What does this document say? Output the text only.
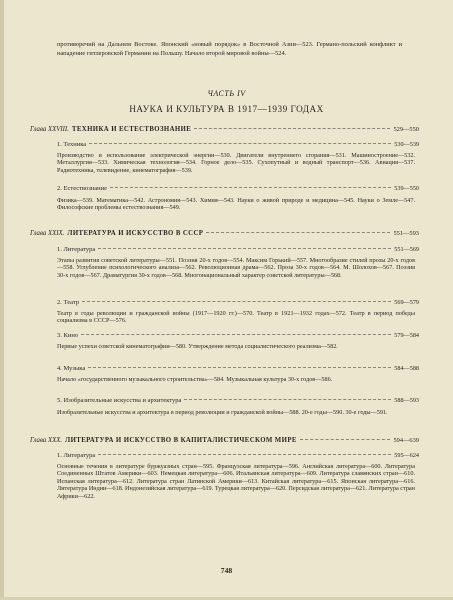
противоречий на Дальнем Востоке. Японский «новый порядок» в Восточной Азии—523. Германо-польский конфликт и нападение гитлеровской Германии на Польшу. Начало второй мировой войны—524.
ЧАСТЬ IV
НАУКА И КУЛЬТУРА В 1917—1939 ГОДАХ
Глава XXVIII. ТЕХНИКА И ЕСТЕСТВОЗНАНИЕ	529—550
1. Техника	530—539
Производство и использование электрической энергии—530. Двигатели внутреннего сгорания—531. Машиностроение—532. Металлургия—533. Химическая технология—534. Горное дело—535. Сухопутный и водный транспорт—536. Авиация—537. Радиотехника, телевидение, кинематография—539.
2. Естествознание	539—550
Физика—539. Математика—542. Астрономия—543. Химия—543. Науки о живой природе и медицина—545. Науки о Земле—547. Философские проблемы естествознания—549.
Глава XXIX. ЛИТЕРАТУРА И ИСКУССТВО В СССР	551—593
1. Литература	551—569
Этапы развития советской литературы—551. Поэзия 20-х годов—554. Максим Горький—557. Многообразие стилей прозы 20-х годов—558. Углубление психологического анализа—562. Революционная драма—562. Проза 30-х годов—564. М. Шолохов—567. Поэзия 30-х годов—567. Драматургия 30-х годов—568. Многонациональный характер советской литературы—568.
2. Театр	569—579
Театр в годы революции и гражданской войны (1917—1920 гг.)—570. Театр в 1921—1932 годах—572. Театр в период победы социализма в СССР—576.
3. Кино	579—584
Первые успехи советской кинематографии—580. Утверждение метода социалистического реализма—582.
4. Музыка	584—588
Начало «государственного музыкального строительства»—584. Музыкальная культура 30-х годов—586.
5. Изобразительные искусства и архитектура	588—593
Изобразительные искусства и архитектура в период революции и гражданской войны—588. 20-е годы—590. 30-е годы—591.
Глава XXX. ЛИТЕРАТУРА И ИСКУССТВО В КАПИТАЛИСТИЧЕСКОМ МИРЕ	594—639
1. Литература	595—624
Основные течения в литературе буржуазных стран—595. Французская литература—596. Английская литература—600. Литература Соединенных Штатов Америки—603. Немецкая литература—606. Итальянская литература—609. Литература славянских стран—610. Испанская литература—612. Литература стран Латинской Америки—613. Китайская литература—615. Японская литература—616. Литература Индии—618. Индонезийская литература—619. Турецкая литература—620. Персидская литература—621. Литература стран Африки—622.
748
